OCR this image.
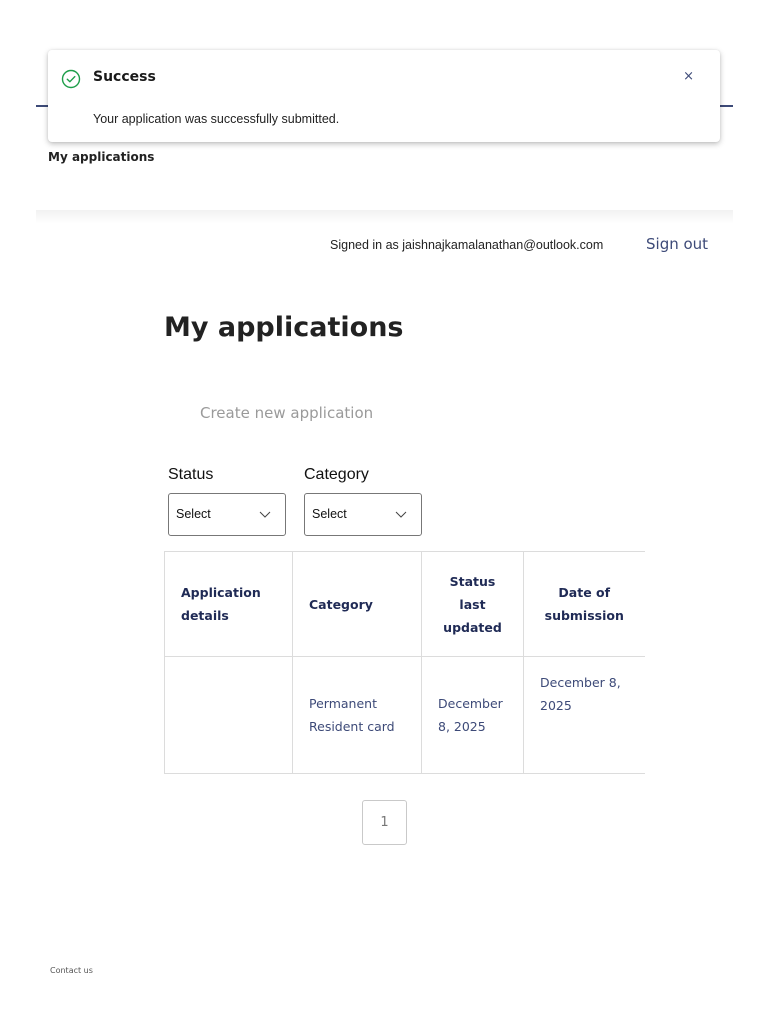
Success	×
Your application was successfully submitted.
My applications
Signed in as jaishnajkamalanathan@outlook.com	Sign out
My applications
Create new application
Status
Select
Category
Select
Application details	Category	Status last updated	Date of submission
	Permanent Resident card	December 8, 2025	December 8, 2025
1
Contact us
